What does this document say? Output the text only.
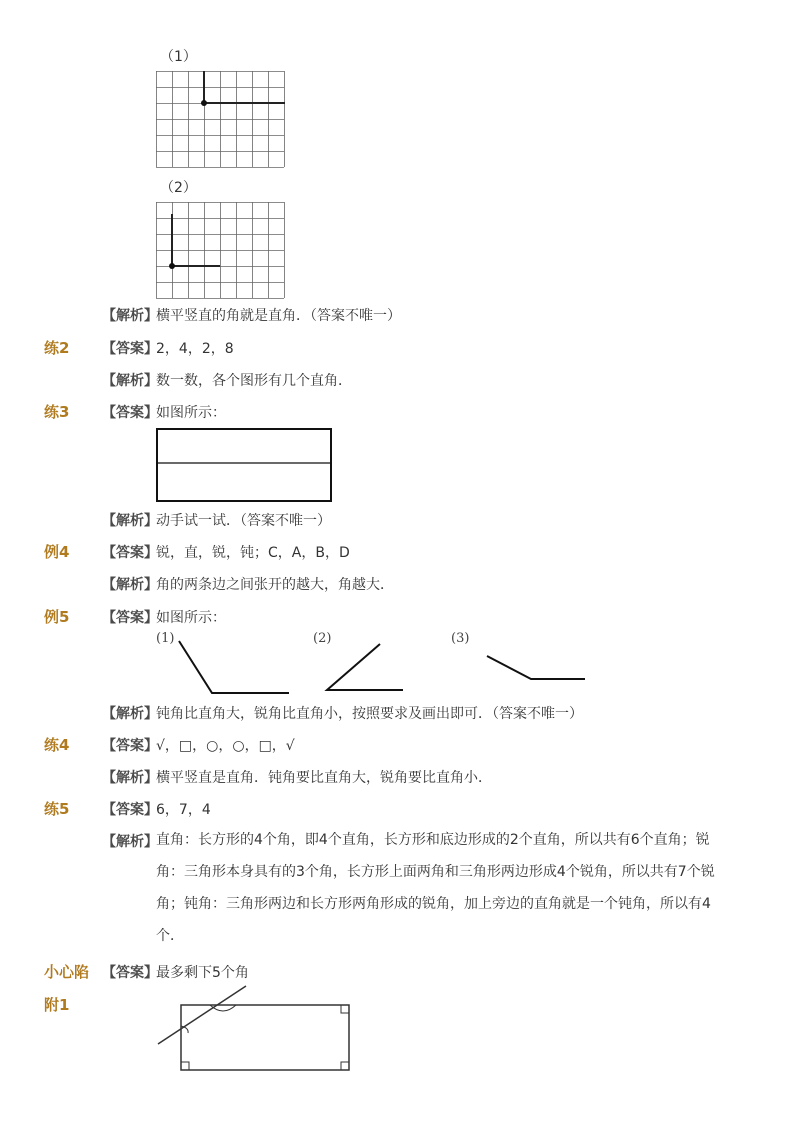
（1）
（2）
【解析】
横平竖直的角就是直角．（答案不唯一）
练2 【答案】
2，4，2，8
【解析】
数一数，各个图形有几个直角．
练3 【答案】
如图所示：
【解析】
动手试一试．（答案不唯一）
例4 【答案】
锐，直，锐，钝；C，A，B，D
【解析】
角的两条边之间张开的越大，角越大．
例5 【答案】
如图所示：
(1)	(2)	(3)
【解析】
钝角比直角大，锐角比直角小，按照要求及画出即可．（答案不唯一）
练4 【答案】
√，□，○，○，□，√
【解析】
横平竖直是直角．钝角要比直角大，锐角要比直角小．
练5 【答案】
6，7，4
【解析】
直角：长方形的4个角，即4个直角，长方形和底边形成的2个直角，所以共有6个直角；锐角：三角形本身具有的3个角，长方形上面两角和三角形两边形成4个锐角，所以共有7个锐角；钝角：三角形两边和长方形两角形成的锐角，加上旁边的直角就是一个钝角，所以有4个．
小心陷 【答案】
最多剩下5个角
附1
